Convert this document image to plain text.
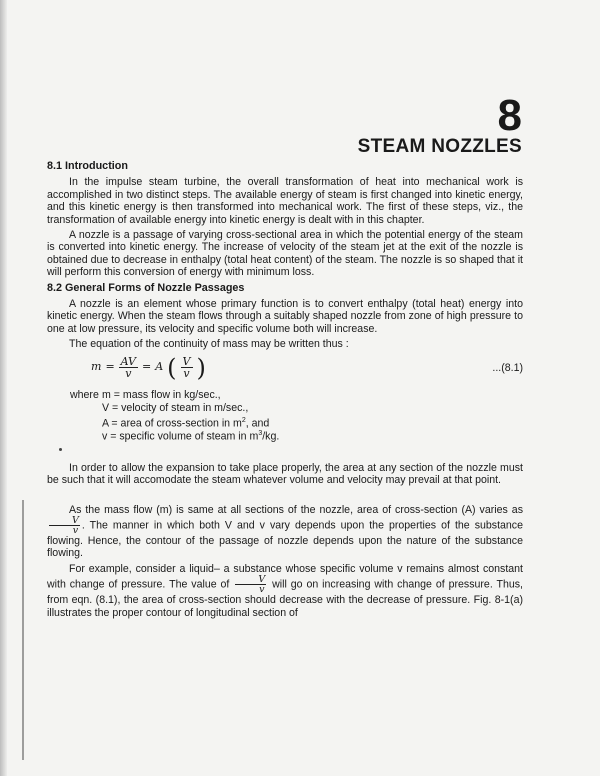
8
STEAM NOZZLES
8.1 Introduction

In the impulse steam turbine, the overall transformation of heat into mechanical work is accomplished in two distinct steps. The available energy of steam is first changed into kinetic energy, and this kinetic energy is then transformed into mechanical work. The first of these steps, viz., the transformation of available energy into kinetic energy is dealt with in this chapter.

A nozzle is a passage of varying cross-sectional area in which the potential energy of the steam is converted into kinetic energy. The increase of velocity of the steam jet at the exit of the nozzle is obtained due to decrease in enthalpy (total heat content) of the steam. The nozzle is so shaped that it will perform this conversion of energy with minimum loss.

8.2 General Forms of Nozzle Passages

A nozzle is an element whose primary function is to convert enthalpy (total heat) energy into kinetic energy. When the steam flows through a suitably shaped nozzle from zone of high pressure to one at low pressure, its velocity and specific volume both will increase.

The equation of the continuity of mass may be written thus :

$m = \frac{AV}{v} = A$ ( $\frac{V}{v}$ )	...(8.1)
where m = mass flow in kg/sec.,
V = velocity of steam in m/sec.,
A = area of cross-section in $m^2$, and
v = specific volume of steam in $m^3/kg$.

In order to allow the expansion to take place properly, the area at any section of the nozzle must be such that it will accomodate the steam whatever volume and velocity may prevail at that point.

As the mass flow (m) is same at all sections of the nozzle, area of cross-section (A) varies as
$\frac{V}{v}$ . The manner in which both V and v vary depends upon the properties of the substance flowing. Hence, the contour of the passage of nozzle depends upon the nature of the substance flowing.

For example, consider a liquid– a substance whose specific volume v remains almost constant with change of pressure. The value of $\frac{V}{v}$ will go on increasing with change of pressure. Thus, from eqn. (8.1), the area of cross-section should decrease with the decrease of pressure. Fig. 8-1(a) illustrates the proper contour of longitudinal section of
